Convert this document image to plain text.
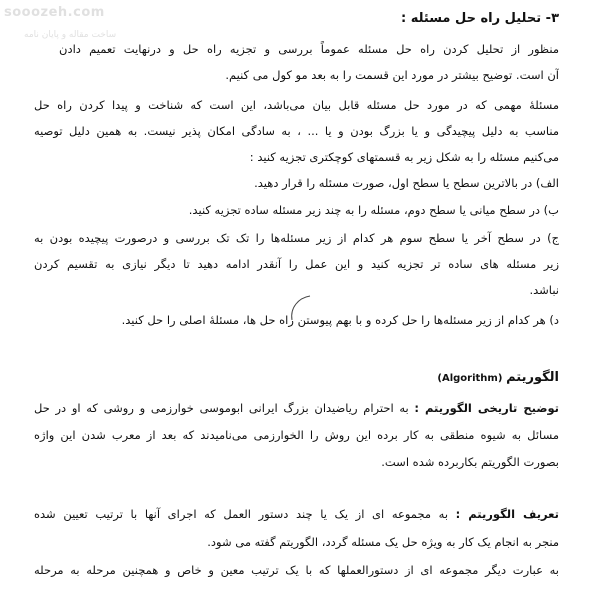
sooozeh.com
ساخت مقاله و پایان نامه
۳- تحلیل راه حل مسئله :
منظور از تحلیل کردن راه حل مسئله عموماً بررسی و تجزیه راه حل و درنهایت تعمیم دادن
آن است. توضیح بیشتر در مورد این قسمت را به بعد مو کول می کنیم.
مسئلهٔ مهمی که در مورد حل مسئله قابل بیان می‌باشد، این است که شناخت و پیدا کردن راه حل
مناسب به دلیل پیچیدگی و یا بزرگ بودن و یا ... ، به سادگی امکان پذیر نیست. به همین دلیل توصیه
می‌کنیم مسئله را به شکل زیر به قسمتهای کوچکتری تجزیه کنید :
الف) در بالاترین سطح یا سطح اول، صورت مسئله را قرار دهید.
ب) در سطح میانی یا سطح دوم، مسئله را به چند زیر مسئله ساده تجزیه کنید.
ج) در سطح آخر یا سطح سوم هر کدام از زیر مسئله‌ها را تک تک بررسی و درصورت پیچیده بودن به
زیر مسئله های ساده تر تجزیه کنید و این عمل را آنقدر ادامه دهید تا دیگر نیازی به تقسیم کردن
نباشد.
د) هر کدام از زیر مسئله‌ها را حل کرده و با بهم پیوستن راه حل ها، مسئلهٔ اصلی را حل کنید.
الگوریتم (Algorithm)
توضیح تاریخی الگوریتم : به احترام ریاضیدان بزرگ ایرانی ابوموسی خوارزمی و روشی که او در حل
مسائل به شیوه منطقی به کار برده این روش را الخوارزمی می‌نامیدند که بعد از معرب شدن این واژه
بصورت الگوریتم بکاربرده شده است.
تعریف الگوریتم : به مجموعه ای از یک یا چند دستور العمل که اجرای آنها با ترتیب تعیین شده
منجر به انجام یک کار به ویژه حل یک مسئله گردد، الگوریتم گفته می شود.
به عبارت دیگر مجموعه ای از دستورالعملها که با یک ترتیب معین و خاص و همچنین مرحله به مرحله
